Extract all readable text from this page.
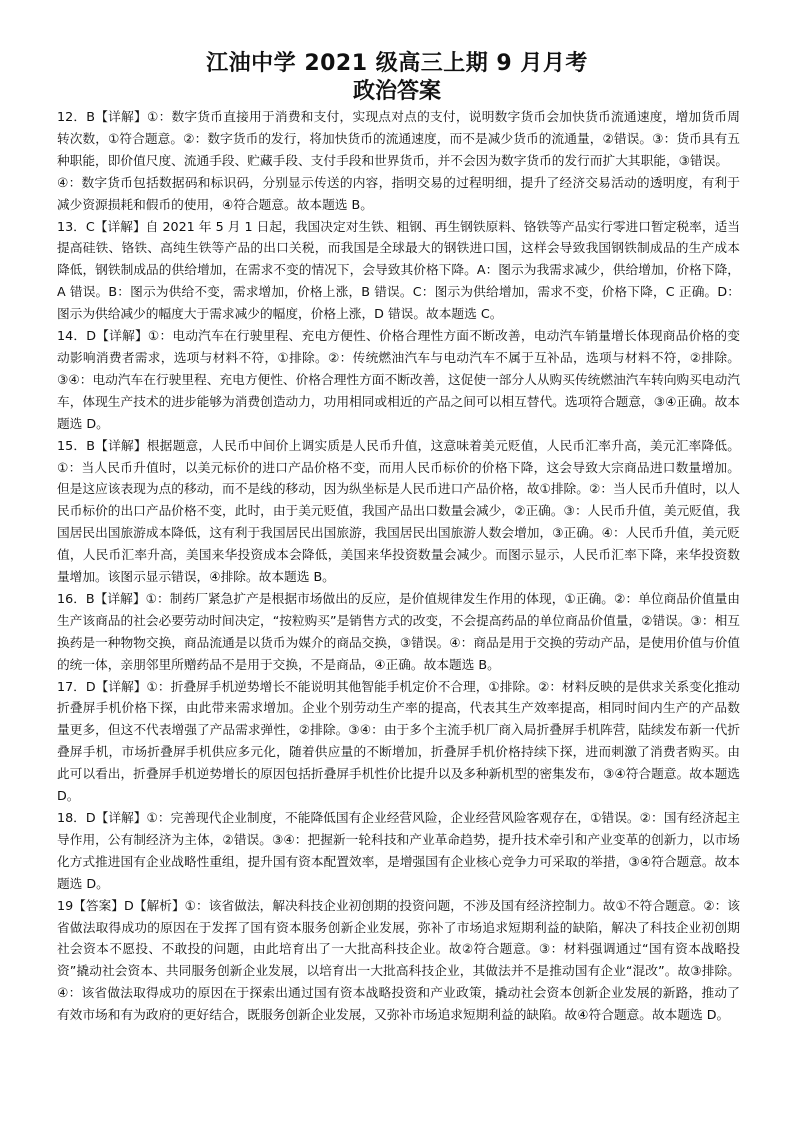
江油中学 2021 级高三上期 9 月月考
政治答案

12．B【详解】①：数字货币直接用于消费和支付，实现点对点的支付，说明数字货币会加快货币流通速度，增加货币周转次数，①符合题意。②：数字货币的发行，将加快货币的流通速度，而不是减少货币的流通量，②错误。③：货币具有五种职能，即价值尺度、流通手段、贮藏手段、支付手段和世界货币，并不会因为数字货币的发行而扩大其职能，③错误。

④：数字货币包括数据码和标识码，分别显示传送的内容，指明交易的过程明细，提升了经济交易活动的透明度，有利于减少资源损耗和假币的使用，④符合题意。故本题选 B。

13．C【详解】自 2021 年 5 月 1 日起，我国决定对生铁、粗钢、再生钢铁原料、铬铁等产品实行零进口暂定税率，适当提高硅铁、铬铁、高纯生铁等产品的出口关税，而我国是全球最大的钢铁进口国，这样会导致我国钢铁制成品的生产成本降低，钢铁制成品的供给增加，在需求不变的情况下，会导致其价格下降。A：图示为我需求减少，供给增加，价格下降，A 错误。B：图示为供给不变，需求增加，价格上涨，B 错误。C：图示为供给增加，需求不变，价格下降，C 正确。D：图示为供给减少的幅度大于需求减少的幅度，价格上涨，D 错误。故本题选 C。

14．D【详解】①：电动汽车在行驶里程、充电方便性、价格合理性方面不断改善，电动汽车销量增长体现商品价格的变动影响消费者需求，选项与材料不符，①排除。②：传统燃油汽车与电动汽车不属于互补品，选项与材料不符，②排除。③④：电动汽车在行驶里程、充电方便性、价格合理性方面不断改善，这促使一部分人从购买传统燃油汽车转向购买电动汽车，体现生产技术的进步能够为消费创造动力，功用相同或相近的产品之间可以相互替代。选项符合题意，③④正确。故本题选 D。

15．B【详解】根据题意，人民币中间价上调实质是人民币升值，这意味着美元贬值，人民币汇率升高，美元汇率降低。①：当人民币升值时，以美元标价的进口产品价格不变，而用人民币标价的价格下降，这会导致大宗商品进口数量增加。但是这应该表现为点的移动，而不是线的移动，因为纵坐标是人民币进口产品价格，故①排除。②：当人民币升值时，以人民币标价的出口产品价格不变，此时，由于美元贬值，我国产品出口数量会减少，②正确。③：人民币升值，美元贬值，我国居民出国旅游成本降低，这有利于我国居民出国旅游，我国居民出国旅游人数会增加，③正确。④：人民币升值，美元贬值，人民币汇率升高，美国来华投资成本会降低，美国来华投资数量会减少。而图示显示，人民币汇率下降，来华投资数量增加。该图示显示错误，④排除。故本题选 B。

16．B【详解】①：制药厂紧急扩产是根据市场做出的反应，是价值规律发生作用的体现，①正确。②：单位商品价值量由生产该商品的社会必要劳动时间决定，“按粒购买”是销售方式的改变，不会提高药品的单位商品价值量，②错误。③：相互换药是一种物物交换，商品流通是以货币为媒介的商品交换，③错误。④：商品是用于交换的劳动产品，是使用价值与价值的统一体，亲朋邻里所赠药品不是用于交换，不是商品，④正确。故本题选 B。

17．D【详解】①：折叠屏手机逆势增长不能说明其他智能手机定价不合理，①排除。②：材料反映的是供求关系变化推动折叠屏手机价格下探，由此带来需求增加。企业个别劳动生产率的提高，代表其生产效率提高，相同时间内生产的产品数量更多，但这不代表增强了产品需求弹性，②排除。③④：由于多个主流手机厂商入局折叠屏手机阵营，陆续发布新一代折叠屏手机，市场折叠屏手机供应多元化，随着供应量的不断增加，折叠屏手机价格持续下探，进而刺激了消费者购买。由此可以看出，折叠屏手机逆势增长的原因包括折叠屏手机性价比提升以及多种新机型的密集发布，③④符合题意。故本题选 D。

18．D【详解】①：完善现代企业制度，不能降低国有企业经营风险，企业经营风险客观存在，①错误。②：国有经济起主导作用，公有制经济为主体，②错误。③④：把握新一轮科技和产业革命趋势，提升技术牵引和产业变革的创新力，以市场化方式推进国有企业战略性重组，提升国有资本配置效率，是增强国有企业核心竞争力可采取的举措，③④符合题意。故本题选 D。

19【答案】D【解析】①：该省做法，解决科技企业初创期的投资问题，不涉及国有经济控制力。故①不符合题意。②：该省做法取得成功的原因在于发挥了国有资本服务创新企业发展，弥补了市场追求短期利益的缺陷，解决了科技企业初创期社会资本不愿投、不敢投的问题，由此培育出了一大批高科技企业。故②符合题意。③：材料强调通过“国有资本战略投资”撬动社会资本、共同服务创新企业发展，以培育出一大批高科技企业，其做法并不是推动国有企业“混改”。故③排除。④：该省做法取得成功的原因在于探索出通过国有资本战略投资和产业政策，撬动社会资本创新企业发展的新路，推动了有效市场和有为政府的更好结合，既服务创新企业发展，又弥补市场追求短期利益的缺陷。故④符合题意。故本题选 D。
